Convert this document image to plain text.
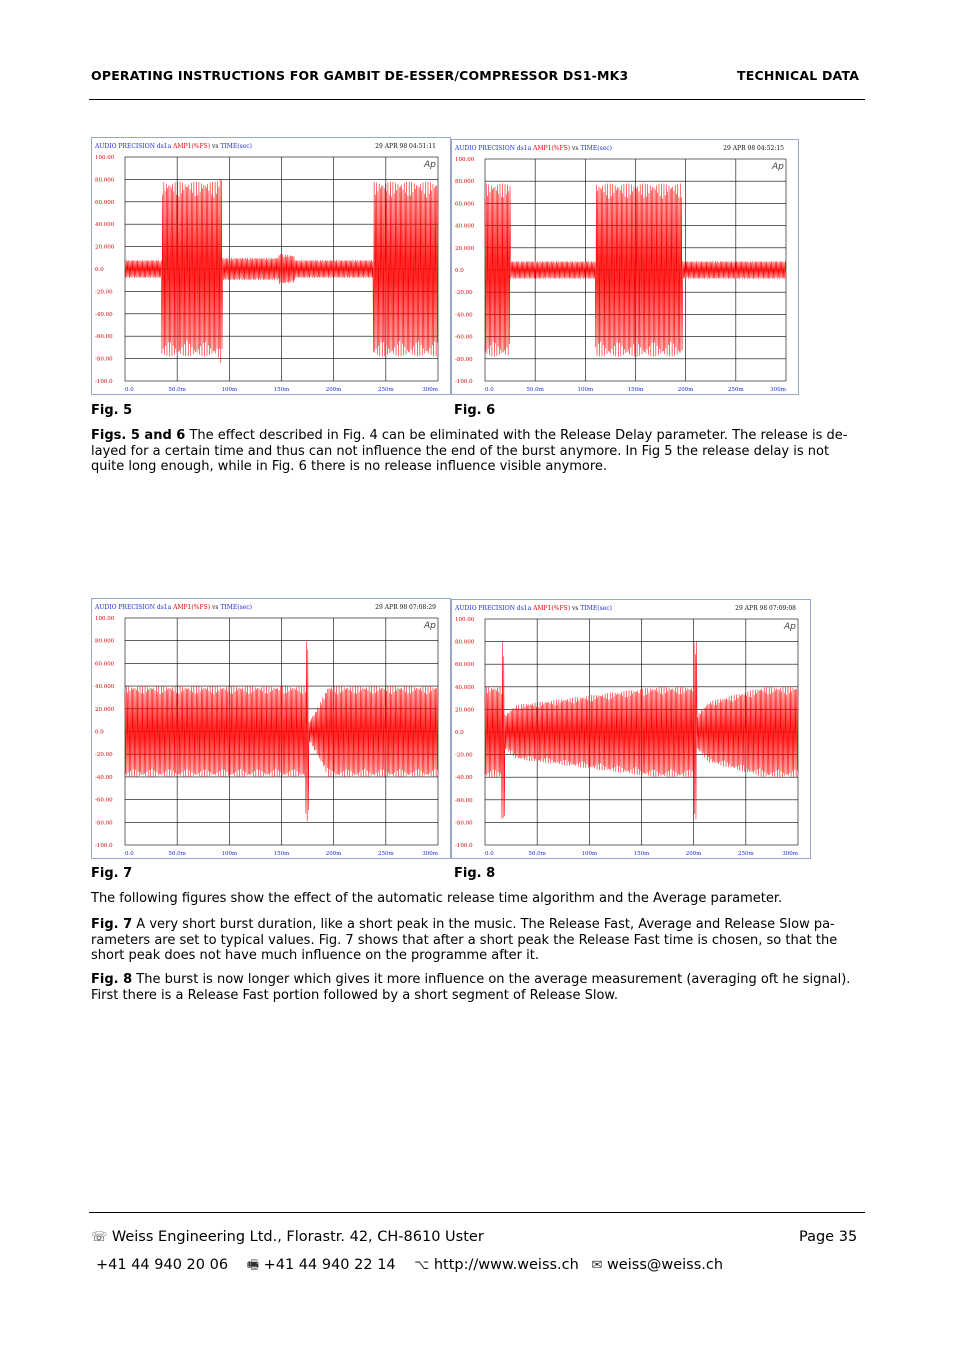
OPERATING INSTRUCTIONS FOR GAMBIT DE-ESSER/COMPRESSOR DS1-MK3	TECHNICAL DATA
AUDIO PRECISION ds1a AMP1(%FS) vs TIME(sec)	29 APR 98 04:51:11
Ap
100.00
80.000
60.000
40.000
20.000
0.0
-20.00
-40.00
-60.00
-80.00
-100.0
0.0	50.0m	100m	150m	200m	250m	300m
AUDIO PRECISION ds1a AMP1(%FS) vs TIME(sec)	29 APR 98 04:52:15
Ap
100.00
80.000
60.000
40.000
20.000
0.0
-20.00
-40.00
-60.00
-80.00
-100.0
0.0	50.0m	100m	150m	200m	250m	300m
Fig. 5	Fig. 6
Figs. 5 and 6 The effect described in Fig. 4 can be eliminated with the Release Delay parameter. The release is de-layed for a certain time and thus can not influence the end of the burst anymore. In Fig 5 the release delay is not quite long enough, while in Fig. 6 there is no release influence visible anymore.
AUDIO PRECISION ds1a AMP1(%FS) vs TIME(sec)	29 APR 98 07:08:29
Ap
100.00
80.000
60.000
40.000
20.000
0.0
-20.00
-40.00
-60.00
-80.00
-100.0
0.0	50.0m	100m	150m	200m	250m	300m
AUDIO PRECISION ds1a AMP1(%FS) vs TIME(sec)	29 APR 98 07:09:08
Ap
100.00
80.000
60.000
40.000
20.000
0.0
-20.00
-40.00
-60.00
-80.00
-100.0
0.0	50.0m	100m	150m	200m	250m	300m
Fig. 7	Fig. 8
The following figures show the effect of the automatic release time algorithm and the Average parameter.
Fig. 7 A very short burst duration, like a short peak in the music. The Release Fast, Average and Release Slow pa-rameters are set to typical values. Fig. 7 shows that after a short peak the Release Fast time is chosen, so that the short peak does not have much influence on the programme after it.
Fig. 8 The burst is now longer which gives it more influence on the average measurement (averaging oft he signal). First there is a Release Fast portion followed by a short segment of Release Slow.
☏ Weiss Engineering Ltd., Florastr. 42, CH-8610 Uster	Page 35
+41 44 940 20 06 🖷 +41 44 940 22 14 ⌥ http://www.weiss.ch ✉ weiss@weiss.ch
